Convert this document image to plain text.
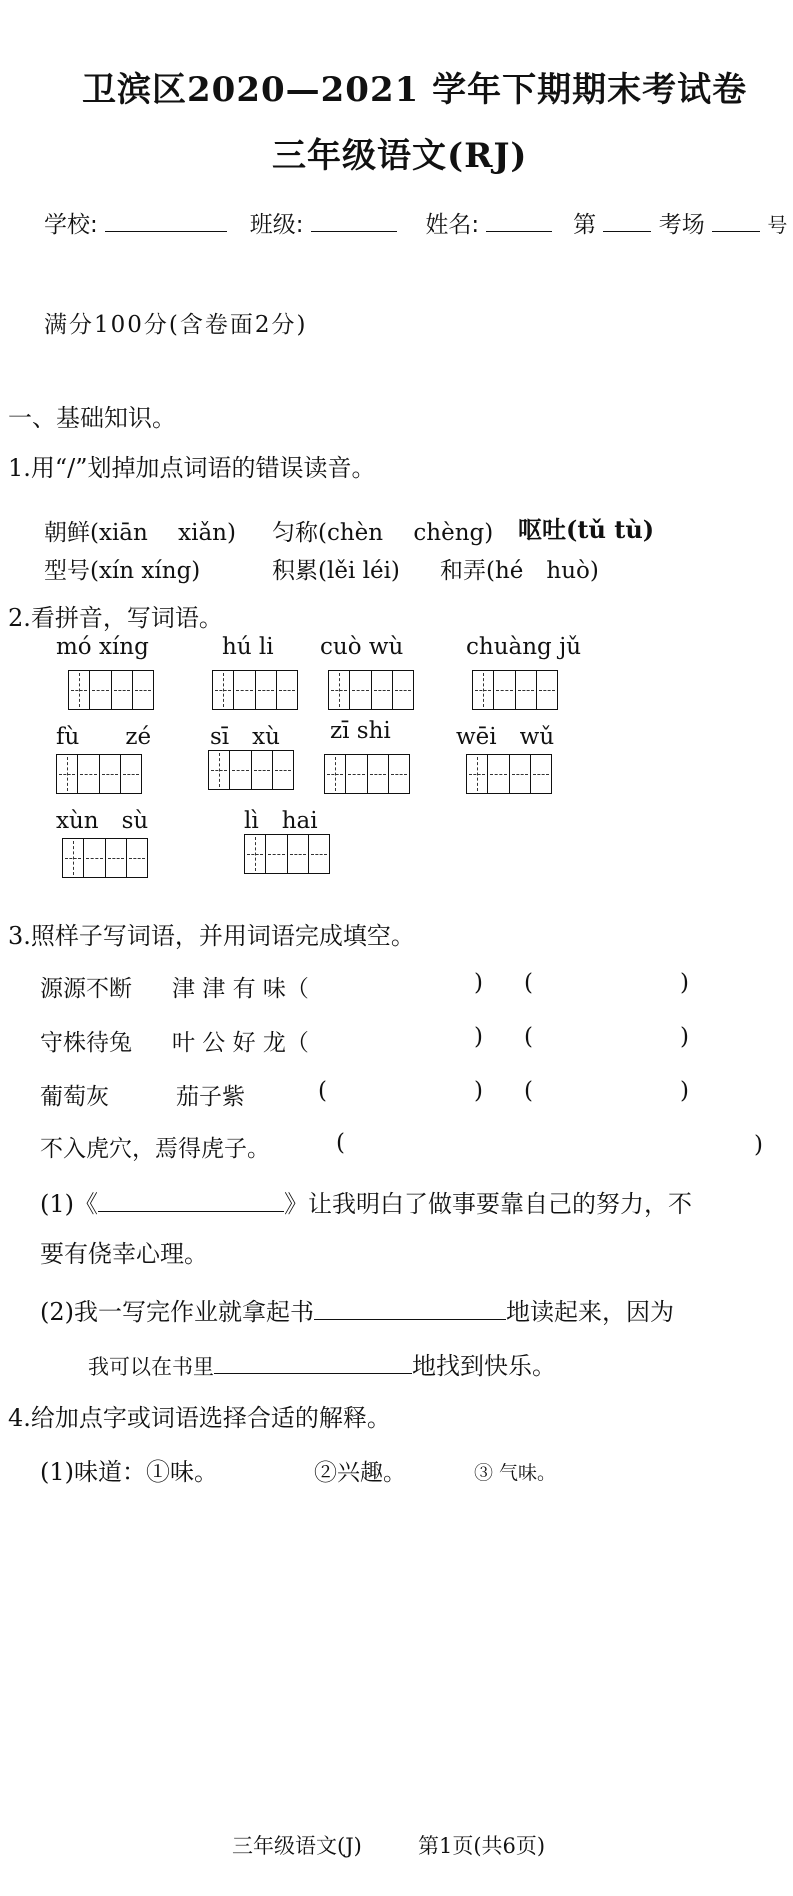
卫滨区2020—2021 学年下期期末考试卷
三年级语文(RJ)
学校:	班级:	姓名:	第	考场	号
满分100分(含卷面2分)
一、基础知识。
1.用“/”划掉加点词语的错误读音。
朝鲜(xiān　 xiǎn) 匀称(chèn　 chèng) 呕吐(tǔ tù)
型号(xín xíng)	积累(lěi léi) 和弄(hé　huò)
2.看拼音，写词语。
mó xíng	hú li cuò wù	chuàng jǔ
fù　　zé	sī　xù zī shi	wēi　wǔ
xùn　sù	lì　hai
3.照样子写词语，并用词语完成填空。
源源不断 津 津 有 味（	) (	)
守株待兔 叶 公 好 龙（	) (	)
葡萄灰	茄子紫	(	) (	)
不入虎穴，焉得虎子。	(	)
(1)《	》让我明白了做事要靠自己的努力，不
要有侥幸心理。
(2)我一写完作业就拿起书	地读起来，因为
我可以在书里	地找到快乐。
4.给加点字或词语选择合适的解释。
(1)味道：①味。	②兴趣。	③ 气味。
三年级语文(J)	第1页(共6页)
